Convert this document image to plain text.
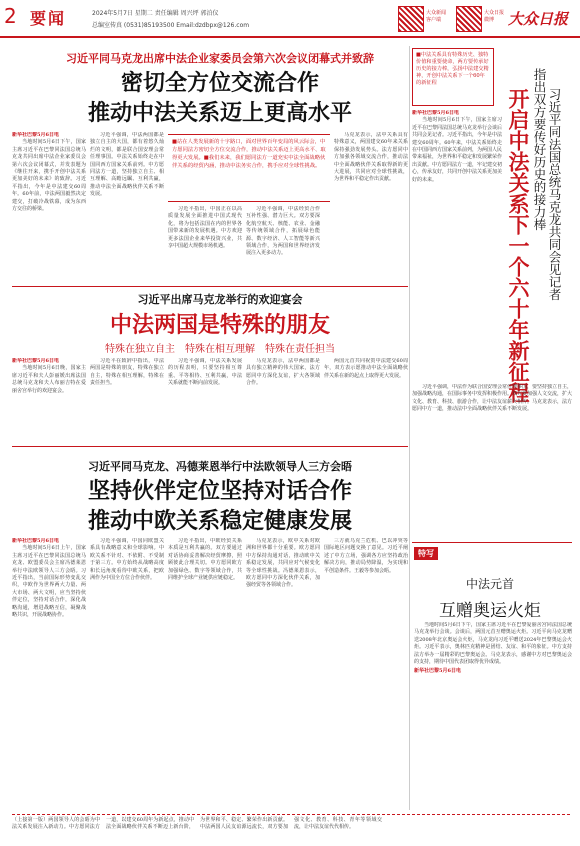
2 要闻	2024年5月7日 星期二 责任编辑 周兴坪 郭泊仪
总编室传真 (0531)85193500 Email:dzdbpx@126.com
大众新闻客户端
大众日报微博 大众日报
习近平同马克龙出席中法企业家委员会第六次会议闭幕式并致辞
密切全方位交流合作
推动中法关系迈上更高水平
新华社巴黎5月6日电

当地时间5月6日下午，国家主席习近平在巴黎同法国总统马克龙共同出席中法企业家委员会第六次会议闭幕式，并发表题为《继往开来，携手开创中法关系更加美好的未来》的致辞。习近平指出，今年是中法建交60周年。60年前，中法两国毅然决定建交，打破冷战铁幕，成为东西方交往的桥梁。

习近平强调，中法两国都是独立自主的大国，都有着悠久灿烂的文明，都是联合国安理会常任理事国。中法关系始终走在中国同西方国家关系前列。中方愿同法方一道，坚持独立自主、相互理解、高瞻远瞩、互利共赢，推动中法全面战略伙伴关系不断发展。

■站在人类发展新的十字路口，面对世界百年变局的风云际会，中方愿同法方密切全方位交流合作，推动中法关系迈上更高水平、取得更大发展。■我们未来，我们愿同法方一道充实中法全面战略伙伴关系的经贸内涵，推动中法务实合作，携手应对全球性挑战。

习近平指出，中国正在以高质量发展全面推进中国式现代化，将为包括法国在内的世界各国带来新的发展机遇。中方欢迎更多法国企业来华投资兴业，共享中国超大规模市场机遇。

习近平强调，中法经贸合作互补性强、潜力巨大。双方要深化航空航天、核能、农业、金融等传统领域合作，拓展绿色能源、数字经济、人工智能等新兴领域合作，为两国和世界经济发展注入更多动力。

马克龙表示，法中关系具有特殊意义，两国建交60年来关系保持强劲发展势头。法方愿同中方加强各领域交流合作，推动法中全面战略伙伴关系取得新的更大进展，共同应对全球性挑战，为世界和平稳定作出贡献。

■中法关系具有特殊历史、独特价值和重要使命，两方要传承好历史的接力棒，弘扬中法建交精神，开创中法关系下一个60年的新征程
习近平同法国总统马克龙共同会见记者
指出双方要传好历史的接力棒
开启中法关系下一个六十年新征程
新华社巴黎5月6日电

当地时间5月6日下午，国家主席习近平在巴黎同法国总统马克龙举行会谈后共同会见记者。习近平指出，今年是中法建交60周年。60年来，中法关系始终走在中国同西方国家关系前列，为两国人民带来福祉，为世界和平稳定和发展繁荣作出贡献。中方愿同法方一道，牢记建交初心，传承友好，共同开创中法关系更加美好的未来。

习近平强调，中法作为联合国安理会常任理事国，要坚持独立自主，加强战略沟通，在国际事务中发挥积极作用。双方要加强人文交流，扩大文化、教育、科技、旅游合作，让中法友谊薪火相传。马克龙表示，法方愿同中方一道，推动法中全面战略伙伴关系不断发展。

习近平出席马克龙举行的欢迎宴会
中法两国是特殊的朋友
特殊在独立自主　特殊在相互理解　特殊在责任担当
新华社巴黎5月6日电

当地时间5月6日晚，国家主席习近平和夫人彭丽媛出席法国总统马克龙和夫人布丽吉特在爱丽舍宫举行的欢迎宴会。

习近平在致辞中指出，中法两国是特殊的朋友，特殊在独立自主，特殊在相互理解，特殊在责任担当。

习近平强调，中法关系发展的历程表明，只要坚持相互尊重、平等相待、互利共赢，中法关系就能不断向前发展。

马克龙表示，法中两国都是具有独立精神的伟大国家，法方愿同中方深化友谊，扩大各领域合作。

两国元首共同祝贺中法建交60周年，双方表示愿推动中法全面战略伙伴关系在新的起点上取得更大发展。

习近平同马克龙、冯德莱恩举行中法欧领导人三方会晤
坚持伙伴定位坚持对话合作
推动中欧关系稳定健康发展
新华社巴黎5月6日电

当地时间5月6日上午，国家主席习近平在巴黎同法国总统马克龙、欧盟委员会主席冯德莱恩举行中法欧领导人三方会晤。习近平指出，当前国际形势变乱交织，中欧作为世界两大力量、两大市场、两大文明，应当坚持伙伴定位，坚持对话合作，深化战略沟通，增进战略互信，凝聚战略共识，开展战略协作。

习近平强调，中国同欧盟关系具有战略意义和全球影响。中欧关系不针对、不依附、不受制于第三方。中方始终从战略高度和长远角度看待中欧关系，把欧洲作为中国全方位合作伙伴。

习近平指出，中欧经贸关系本质是互利共赢的。双方要通过对话协商妥善解决经贸摩擦，照顾彼此合理关切。中方愿同欧方加强绿色、数字等领域合作，共同维护全球产业链供应链稳定。

马克龙表示，欧中关系对欧洲和世界都十分重要。欧方愿同中方保持沟通对话，推动欧中关系稳定发展，共同应对气候变化等全球性挑战。冯德莱恩表示，欧方愿同中方深化伙伴关系，加强经贸等各领域合作。

三方就乌克兰危机、巴以冲突等国际地区问题交换了意见。习近平阐述了中方立场，强调各方应坚持政治解决方向，推动局势降温，为实现和平创造条件。王毅等参加会晤。

特写
中法元首
互赠奥运火炬

当地时间5月6日下午，国家主席习近平在巴黎爱丽舍宫同法国总统马克龙举行会谈。会谈后，两国元首互赠奥运火炬。习近平向马克龙赠送2008年北京奥运会火炬，马克龙向习近平赠送2024年巴黎奥运会火炬。习近平表示，奥林匹克精神是团结、友谊、和平的象征。中方支持法方举办一届精彩的巴黎奥运会。马克龙表示，感谢中方对巴黎奥运会的支持，期待中国代表团取得优异成绩。

新华社巴黎5月6日电
（上接第一版）两国领导人的会晤为中法关系发展注入新动力。中方愿同法方一道，以建交60周年为新起点，推动中法全面战略伙伴关系不断迈上新台阶，为世界和平、稳定、繁荣作出新贡献。中法两国人民友谊源远流长，双方要加强文化、教育、科技、青年等领域交流，让中法友谊代代相传。
